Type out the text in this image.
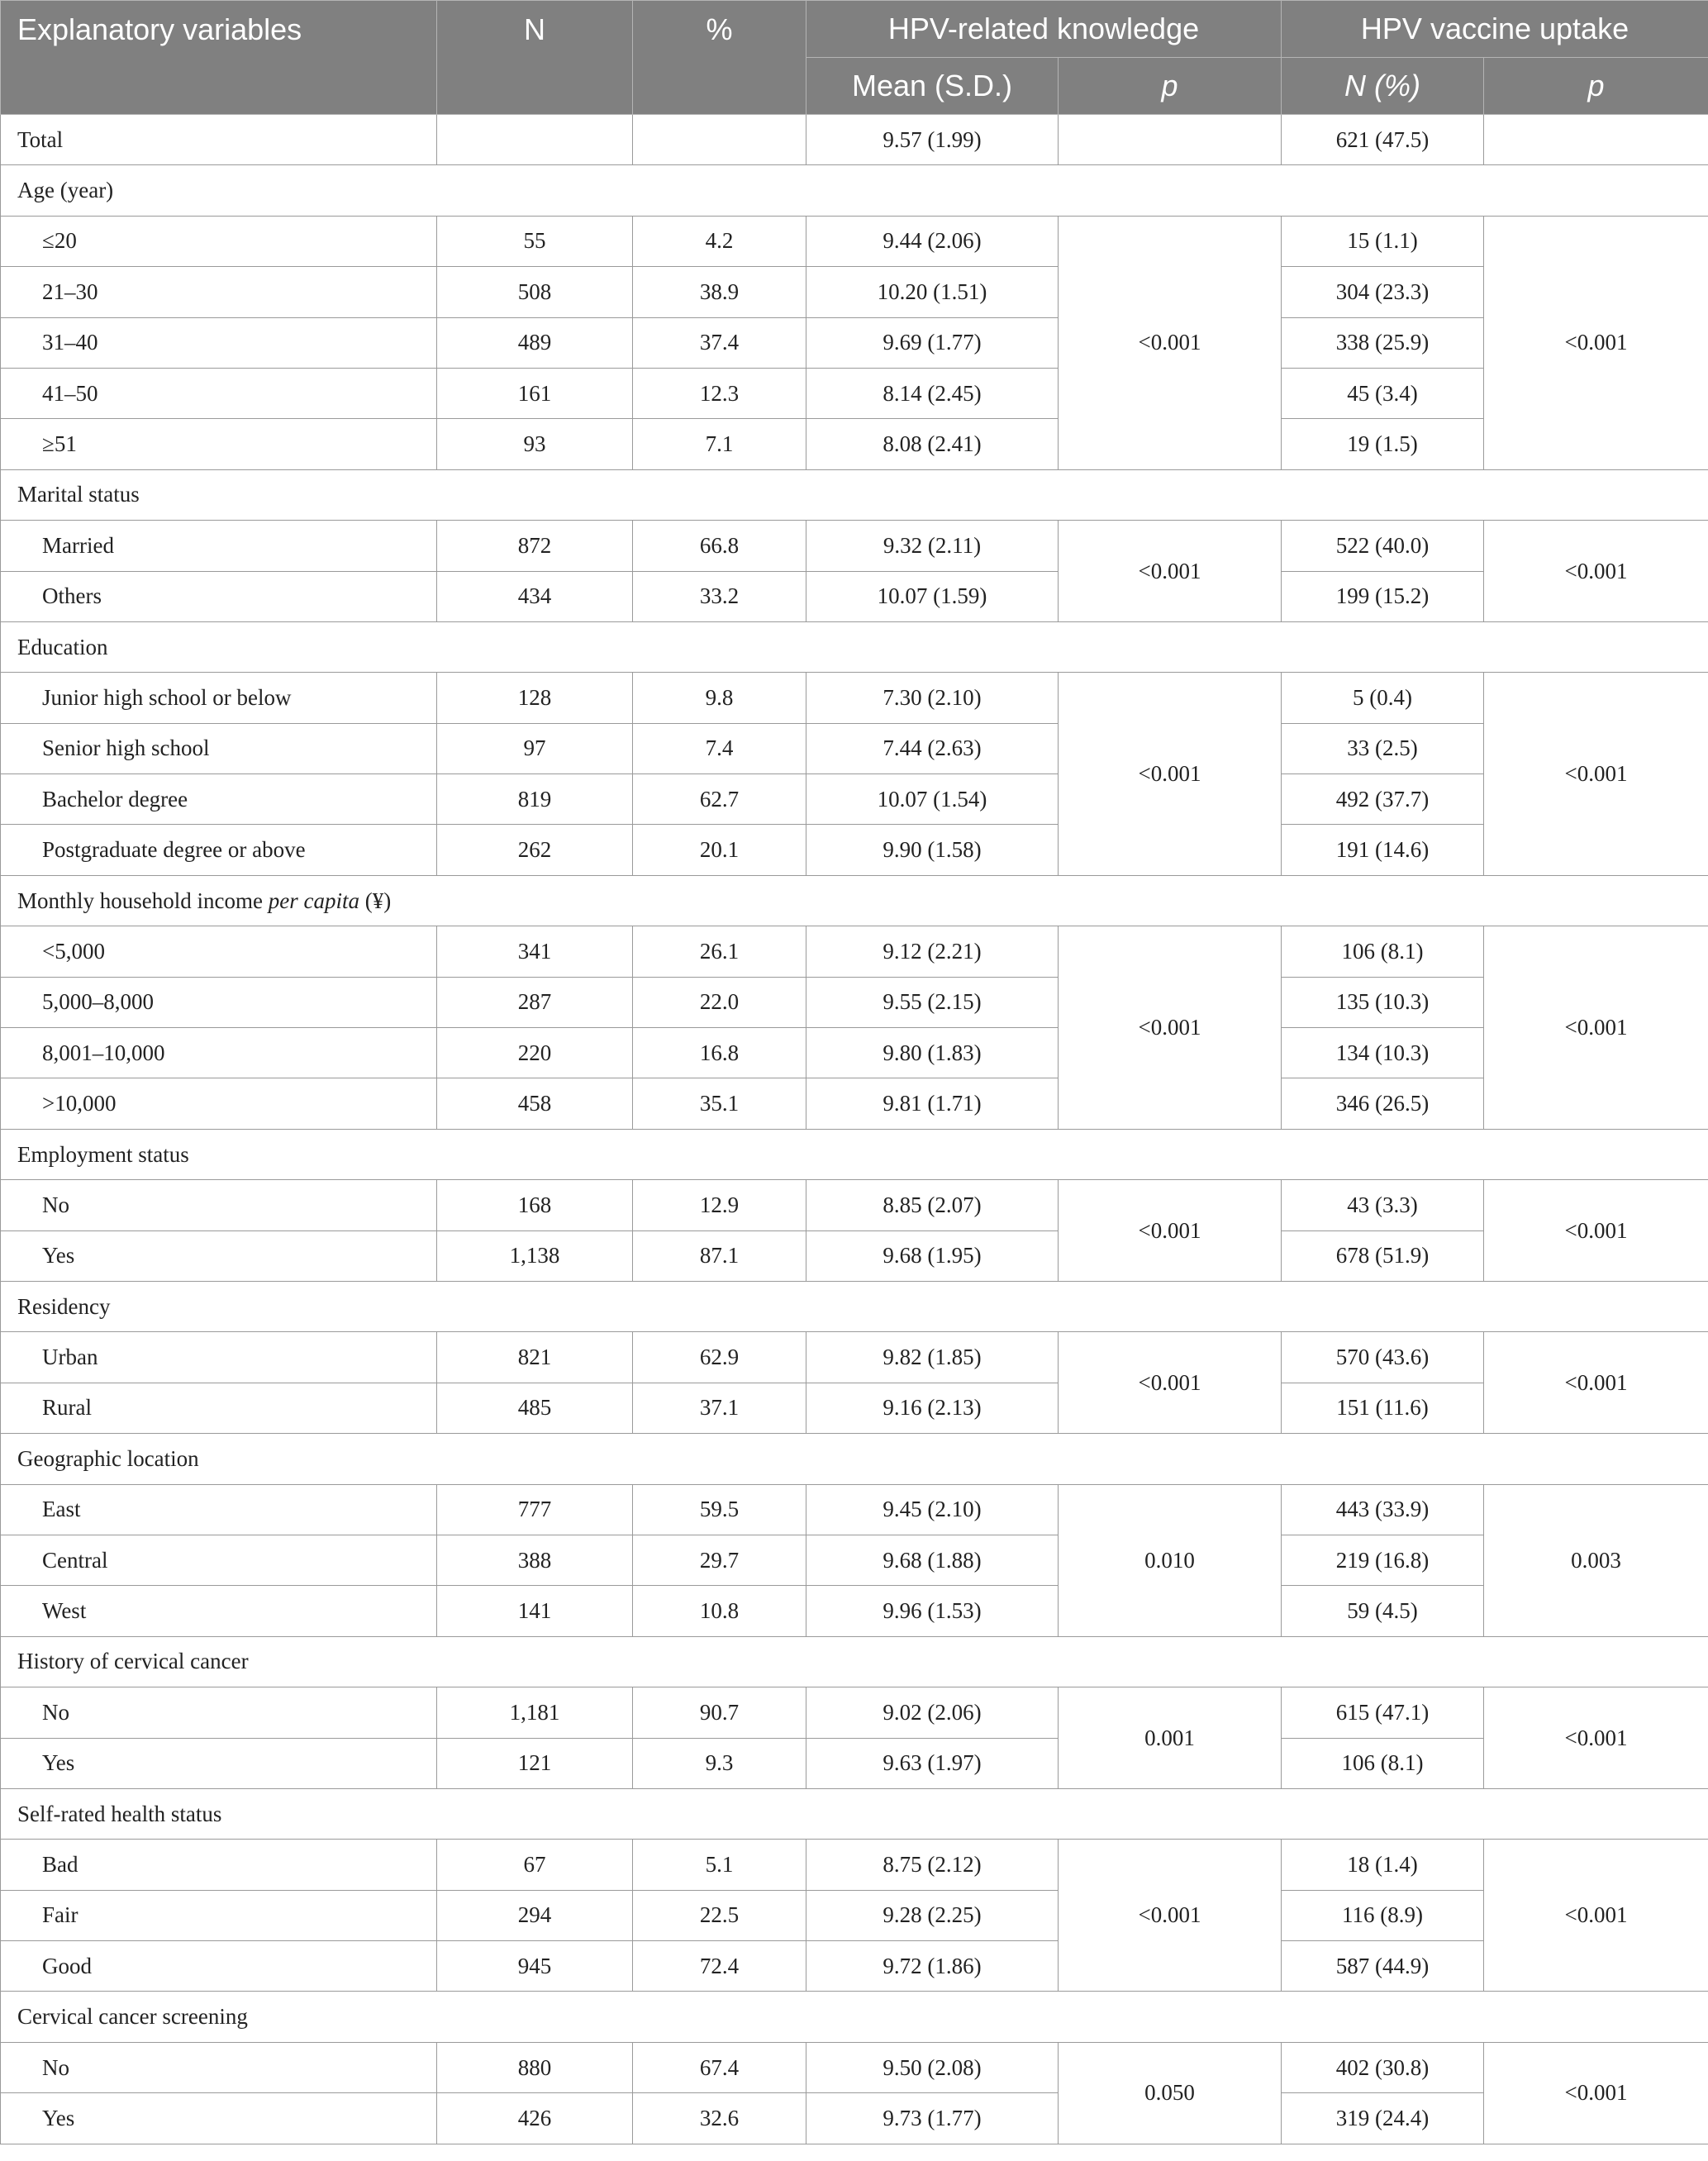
Explanatory variables	N	%	HPV-related knowledge		HPV vaccine uptake	
			Mean (S.D.)	p	N (%)	p
Total			9.57 (1.99)		621 (47.5)	
Age (year)						
≤20	55	4.2	9.44 (2.06)	<0.001	15 (1.1)	<0.001
21–30	508	38.9	10.20 (1.51)		304 (23.3)	
31–40	489	37.4	9.69 (1.77)		338 (25.9)	
41–50	161	12.3	8.14 (2.45)		45 (3.4)	
≥51	93	7.1	8.08 (2.41)		19 (1.5)	
Marital status						
Married	872	66.8	9.32 (2.11)	<0.001	522 (40.0)	<0.001
Others	434	33.2	10.07 (1.59)		199 (15.2)	
Education						
Junior high school or below	128	9.8	7.30 (2.10)	<0.001	5 (0.4)	<0.001
Senior high school	97	7.4	7.44 (2.63)		33 (2.5)	
Bachelor degree	819	62.7	10.07 (1.54)		492 (37.7)	
Postgraduate degree or above	262	20.1	9.90 (1.58)		191 (14.6)	
Monthly household income per capita (¥)						
<5,000	341	26.1	9.12 (2.21)	<0.001	106 (8.1)	<0.001
5,000–8,000	287	22.0	9.55 (2.15)		135 (10.3)	
8,001–10,000	220	16.8	9.80 (1.83)		134 (10.3)	
>10,000	458	35.1	9.81 (1.71)		346 (26.5)	
Employment status						
No	168	12.9	8.85 (2.07)	<0.001	43 (3.3)	<0.001
Yes	1,138	87.1	9.68 (1.95)		678 (51.9)	
Residency						
Urban	821	62.9	9.82 (1.85)	<0.001	570 (43.6)	<0.001
Rural	485	37.1	9.16 (2.13)		151 (11.6)	
Geographic location						
East	777	59.5	9.45 (2.10)	0.010	443 (33.9)	0.003
Central	388	29.7	9.68 (1.88)		219 (16.8)	
West	141	10.8	9.96 (1.53)		59 (4.5)	
History of cervical cancer						
No	1,181	90.7	9.02 (2.06)	0.001	615 (47.1)	<0.001
Yes	121	9.3	9.63 (1.97)		106 (8.1)	
Self-rated health status						
Bad	67	5.1	8.75 (2.12)	<0.001	18 (1.4)	<0.001
Fair	294	22.5	9.28 (2.25)		116 (8.9)	
Good	945	72.4	9.72 (1.86)		587 (44.9)	
Cervical cancer screening						
No	880	67.4	9.50 (2.08)	0.050	402 (30.8)	<0.001
Yes	426	32.6	9.73 (1.77)		319 (24.4)	
